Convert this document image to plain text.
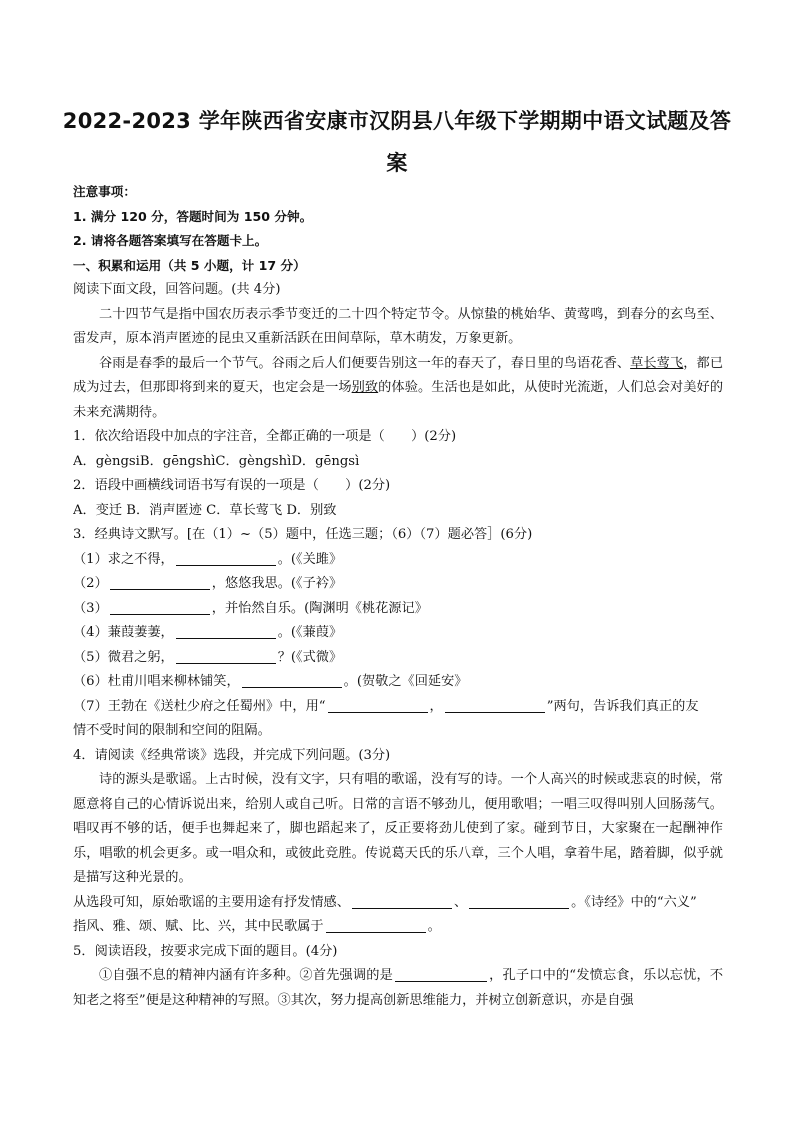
2022-2023 学年陕西省安康市汉阴县八年级下学期期中语文试题及答
案
注意事项：
1. 满分 120 分，答题时间为 150 分钟。
2. 请将各题答案填写在答题卡上。
一、积累和运用（共 5 小题，计 17 分）
阅读下面文段，回答问题。(共 4分)
二十四节气是指中国农历表示季节变迁的二十四个特定节令。从惊蛰的桃始华、黄莺鸣，到春分的玄鸟至、雷发声，原本消声匿迹的昆虫又重新活跃在田间草际，草木萌发，万象更新。
谷雨是春季的最后一个节气。谷雨之后人们便要告别这一年的春天了，春日里的鸟语花香、草长莺飞，都已成为过去，但那即将到来的夏天，也定会是一场别致的体验。生活也是如此，从使时光流逝，人们总会对美好的未来充满期待。
1．依次给语段中加点的字注音，全都正确的一项是（　　）(2分)
A．gèngsiB．gēngshìC．gèngshìD．gēngsì
2．语段中画横线词语书写有误的一项是（　　）(2分)
A．变迁 B．消声匿迹 C．草长莺飞 D．别致
3．经典诗文默写。[在（1）~（5）题中，任选三题；（6）（7）题必答］(6分)
（1）求之不得，	。(《关雎》
（2）	，悠悠我思。(《子衿》
（3）	，并怡然自乐。(陶渊明《桃花源记》
（4）蒹葭萋萋，	。(《蒹葭》
（5）微君之躬，	？(《式微》
（6）杜甫川唱来柳林铺笑，	。(贺敬之《回延安》
（7）王勃在《送杜少府之任蜀州》中，用“	，	”两句，告诉我们真正的友
情不受时间的限制和空间的阻隔。
4．请阅读《经典常谈》选段，并完成下列问题。(3分)
诗的源头是歌谣。上古时候，没有文字，只有唱的歌谣，没有写的诗。一个人高兴的时候或悲哀的时候，常愿意将自己的心情诉说出来，给别人或自己听。日常的言语不够劲儿，便用歌唱；一唱三叹得叫别人回肠荡气。唱叹再不够的话，便手也舞起来了，脚也蹈起来了，反正要将劲儿使到了家。碰到节日，大家聚在一起酬神作乐，唱歌的机会更多。或一唱众和，或彼此竞胜。传说葛天氏的乐八章，三个人唱，拿着牛尾，踏着脚，似乎就是描写这种光景的。
从选段可知，原始歌谣的主要用途有抒发情感、	、	。《诗经》中的“六义”
指风、雅、颂、赋、比、兴，其中民歌属于	。
5．阅读语段，按要求完成下面的题目。(4分)
①自强不息的精神内涵有许多种。②首先强调的是	，孔子口中的“发愤忘食，乐以忘忧，不知老之将至”便是这种精神的写照。③其次，努力提高创新思维能力，并树立创新意识，亦是自强
